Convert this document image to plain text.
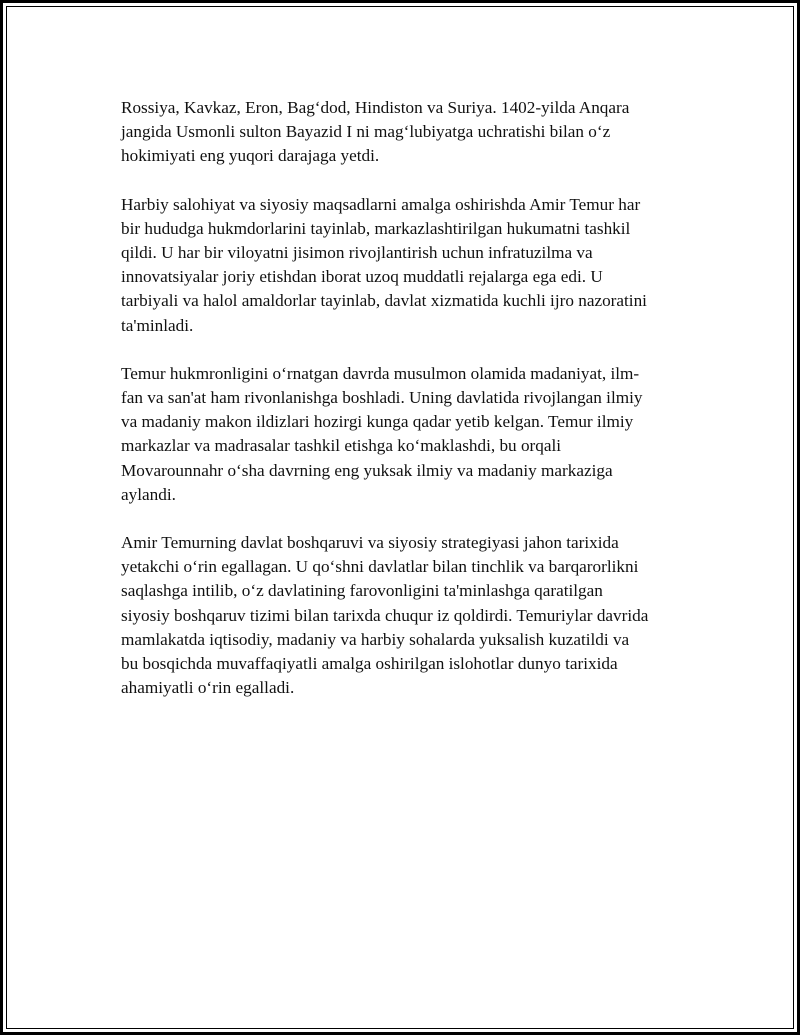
Rossiya, Kavkaz, Eron, Bag‘dod, Hindiston va Suriya. 1402-yilda Anqara
jangida Usmonli sulton Bayazid I ni mag‘lubiyatga uchratishi bilan o‘z
hokimiyati eng yuqori darajaga yetdi.

Harbiy salohiyat va siyosiy maqsadlarni amalga oshirishda Amir Temur har
bir hududga hukmdorlarini tayinlab, markazlashtirilgan hukumatni tashkil
qildi. U har bir viloyatni jisimon rivojlantirish uchun infratuzilma va
innovatsiyalar joriy etishdan iborat uzoq muddatli rejalarga ega edi. U
tarbiyali va halol amaldorlar tayinlab, davlat xizmatida kuchli ijro nazoratini
ta'minladi.

Temur hukmronligini o‘rnatgan davrda musulmon olamida madaniyat, ilm-
fan va san'at ham rivonlanishga boshladi. Uning davlatida rivojlangan ilmiy
va madaniy makon ildizlari hozirgi kunga qadar yetib kelgan. Temur ilmiy
markazlar va madrasalar tashkil etishga ko‘maklashdi, bu orqali
Movarounnahr o‘sha davrning eng yuksak ilmiy va madaniy markaziga
aylandi.

Amir Temurning davlat boshqaruvi va siyosiy strategiyasi jahon tarixida
yetakchi o‘rin egallagan. U qo‘shni davlatlar bilan tinchlik va barqarorlikni
saqlashga intilib, o‘z davlatining farovonligini ta'minlashga qaratilgan
siyosiy boshqaruv tizimi bilan tarixda chuqur iz qoldirdi. Temuriylar davrida
mamlakatda iqtisodiy, madaniy va harbiy sohalarda yuksalish kuzatildi va
bu bosqichda muvaffaqiyatli amalga oshirilgan islohotlar dunyo tarixida
ahamiyatli o‘rin egalladi.
